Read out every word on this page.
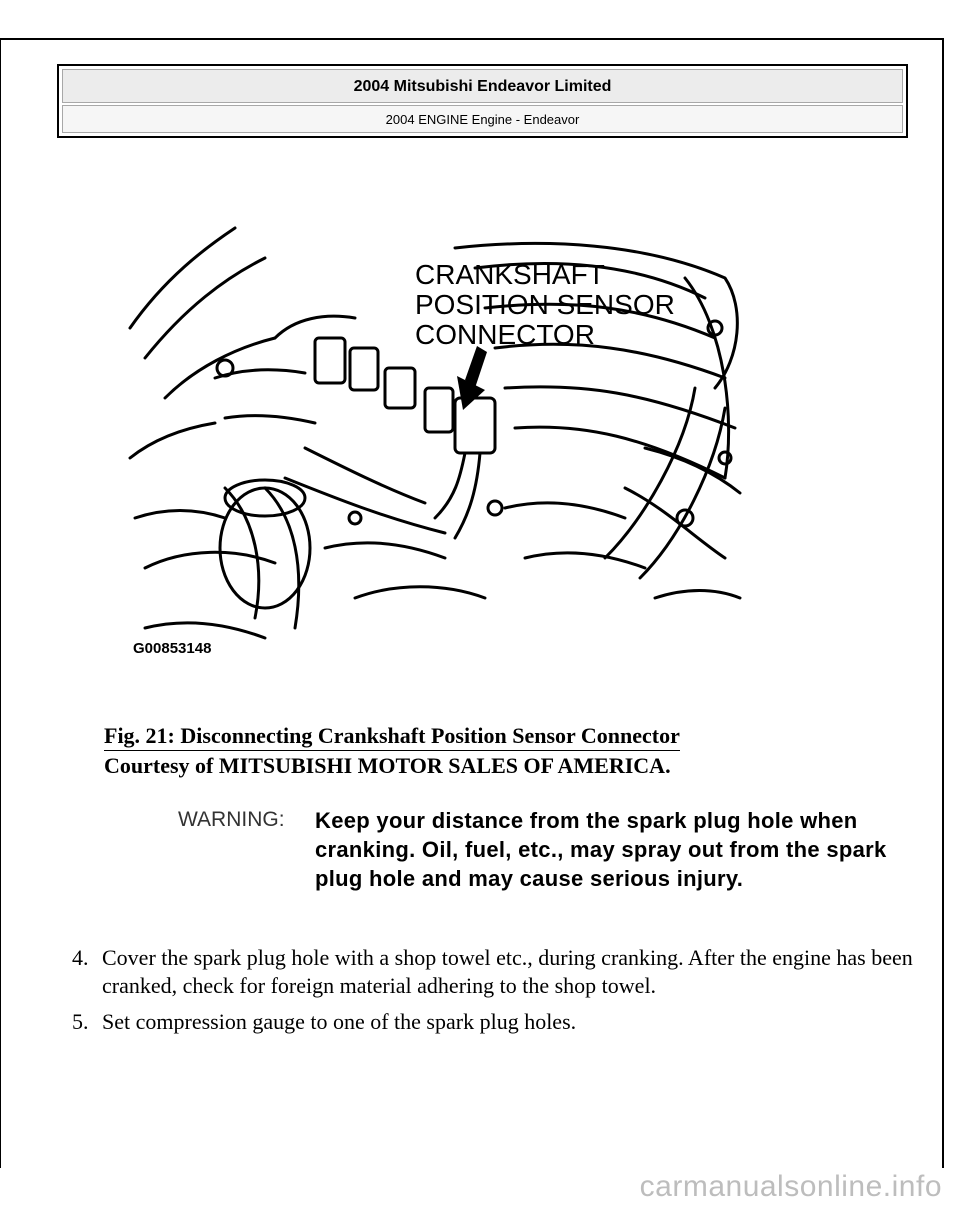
2004 Mitsubishi Endeavor Limited
2004 ENGINE Engine - Endeavor
CRANKSHAFT
POSITION SENSOR
CONNECTOR
G00853148
Fig. 21: Disconnecting Crankshaft Position Sensor Connector
Courtesy of MITSUBISHI MOTOR SALES OF AMERICA.
WARNING: Keep your distance from the spark plug hole when cranking. Oil, fuel, etc., may spray out from the spark plug hole and may cause serious injury.
4. Cover the spark plug hole with a shop towel etc., during cranking. After the engine has been cranked, check for foreign material adhering to the shop towel.
5. Set compression gauge to one of the spark plug holes.
carmanualsonline.info
